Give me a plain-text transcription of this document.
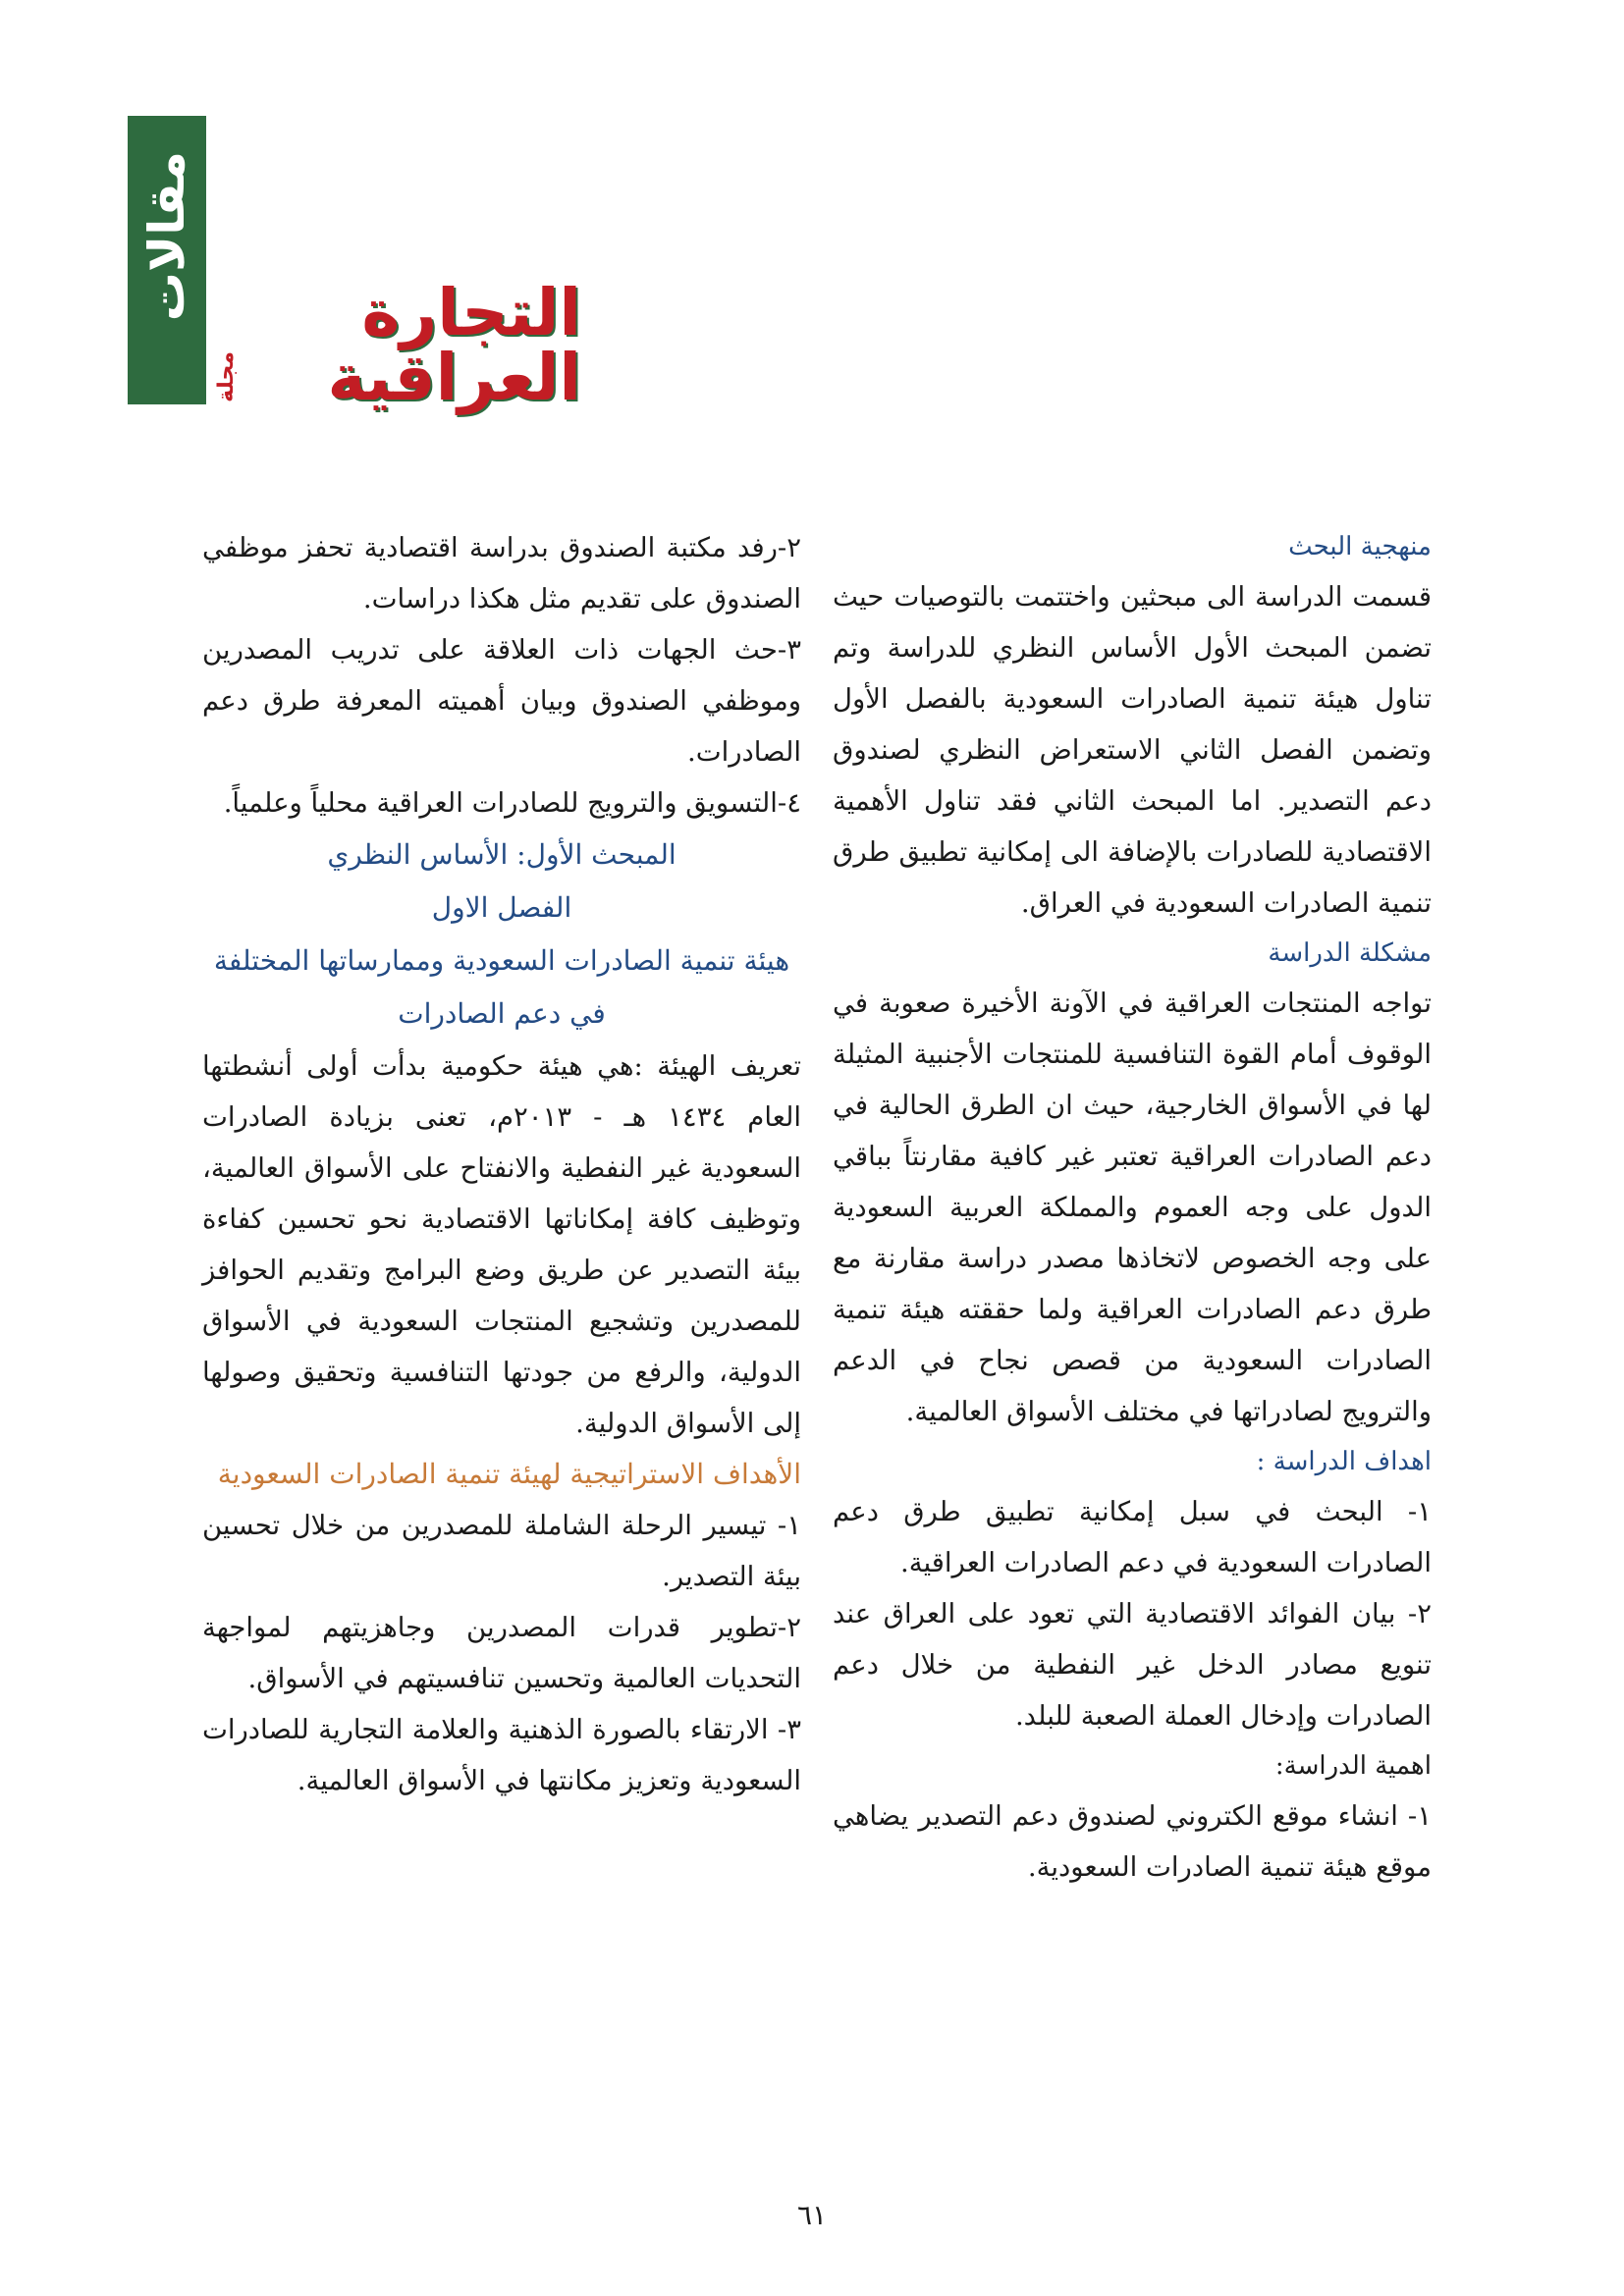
مقالات
مجلة
التجارة العراقية

منهجية البحث

قسمت الدراسة الى مبحثين واختتمت بالتوصيات حيث تضمن المبحث الأول الأساس النظري للدراسة وتم تناول هيئة تنمية الصادرات السعودية بالفصل الأول وتضمن الفصل الثاني الاستعراض النظري لصندوق دعم التصدير. اما المبحث الثاني فقد تناول الأهمية الاقتصادية للصادرات بالإضافة الى إمكانية تطبيق طرق تنمية الصادرات السعودية في العراق.

مشكلة الدراسة

تواجه المنتجات العراقية في الآونة الأخيرة صعوبة في الوقوف أمام القوة التنافسية للمنتجات الأجنبية المثيلة لها في الأسواق الخارجية، حيث ان الطرق الحالية في دعم الصادرات العراقية تعتبر غير كافية مقارنتاً بباقي الدول على وجه العموم والمملكة العربية السعودية على وجه الخصوص لاتخاذها مصدر دراسة مقارنة مع طرق دعم الصادرات العراقية ولما حققته هيئة تنمية الصادرات السعودية من قصص نجاح في الدعم والترويج لصادراتها في مختلف الأسواق العالمية.

اهداف الدراسة :

١- البحث في سبل إمكانية تطبيق طرق دعم الصادرات السعودية في دعم الصادرات العراقية.

٢- بيان الفوائد الاقتصادية التي تعود على العراق عند تنويع مصادر الدخل غير النفطية من خلال دعم الصادرات وإدخال العملة الصعبة للبلد.

اهمية الدراسة:

١- انشاء موقع الكتروني لصندوق دعم التصدير يضاهي موقع هيئة تنمية الصادرات السعودية.

٢-رفد مكتبة الصندوق بدراسة اقتصادية تحفز موظفي الصندوق على تقديم مثل هكذا دراسات.

٣-حث الجهات ذات العلاقة على تدريب المصدرين وموظفي الصندوق وبيان أهميته المعرفة طرق دعم الصادرات.

٤-التسويق والترويج للصادرات العراقية محلياً وعلمياً.

المبحث الأول: الأساس النظري

الفصل الاول

هيئة تنمية الصادرات السعودية وممارساتها المختلفة

في دعم الصادرات

تعريف الهيئة :هي هيئة حكومية بدأت أولى أنشطتها العام ١٤٣٤ هـ - ٢٠١٣م، تعنى بزيادة الصادرات السعودية غير النفطية والانفتاح على الأسواق العالمية، وتوظيف كافة إمكاناتها الاقتصادية نحو تحسين كفاءة بيئة التصدير عن طريق وضع البرامج وتقديم الحوافز للمصدرين وتشجيع المنتجات السعودية في الأسواق الدولية، والرفع من جودتها التنافسية وتحقيق وصولها إلى الأسواق الدولية.

الأهداف الاستراتيجية لهيئة تنمية الصادرات السعودية

١- تيسير الرحلة الشاملة للمصدرين من خلال تحسين بيئة التصدير.

٢-تطوير قدرات المصدرين وجاهزيتهم لمواجهة التحديات العالمية وتحسين تنافسيتهم في الأسواق.

٣- الارتقاء بالصورة الذهنية والعلامة التجارية للصادرات السعودية وتعزيز مكانتها في الأسواق العالمية.

٦١
